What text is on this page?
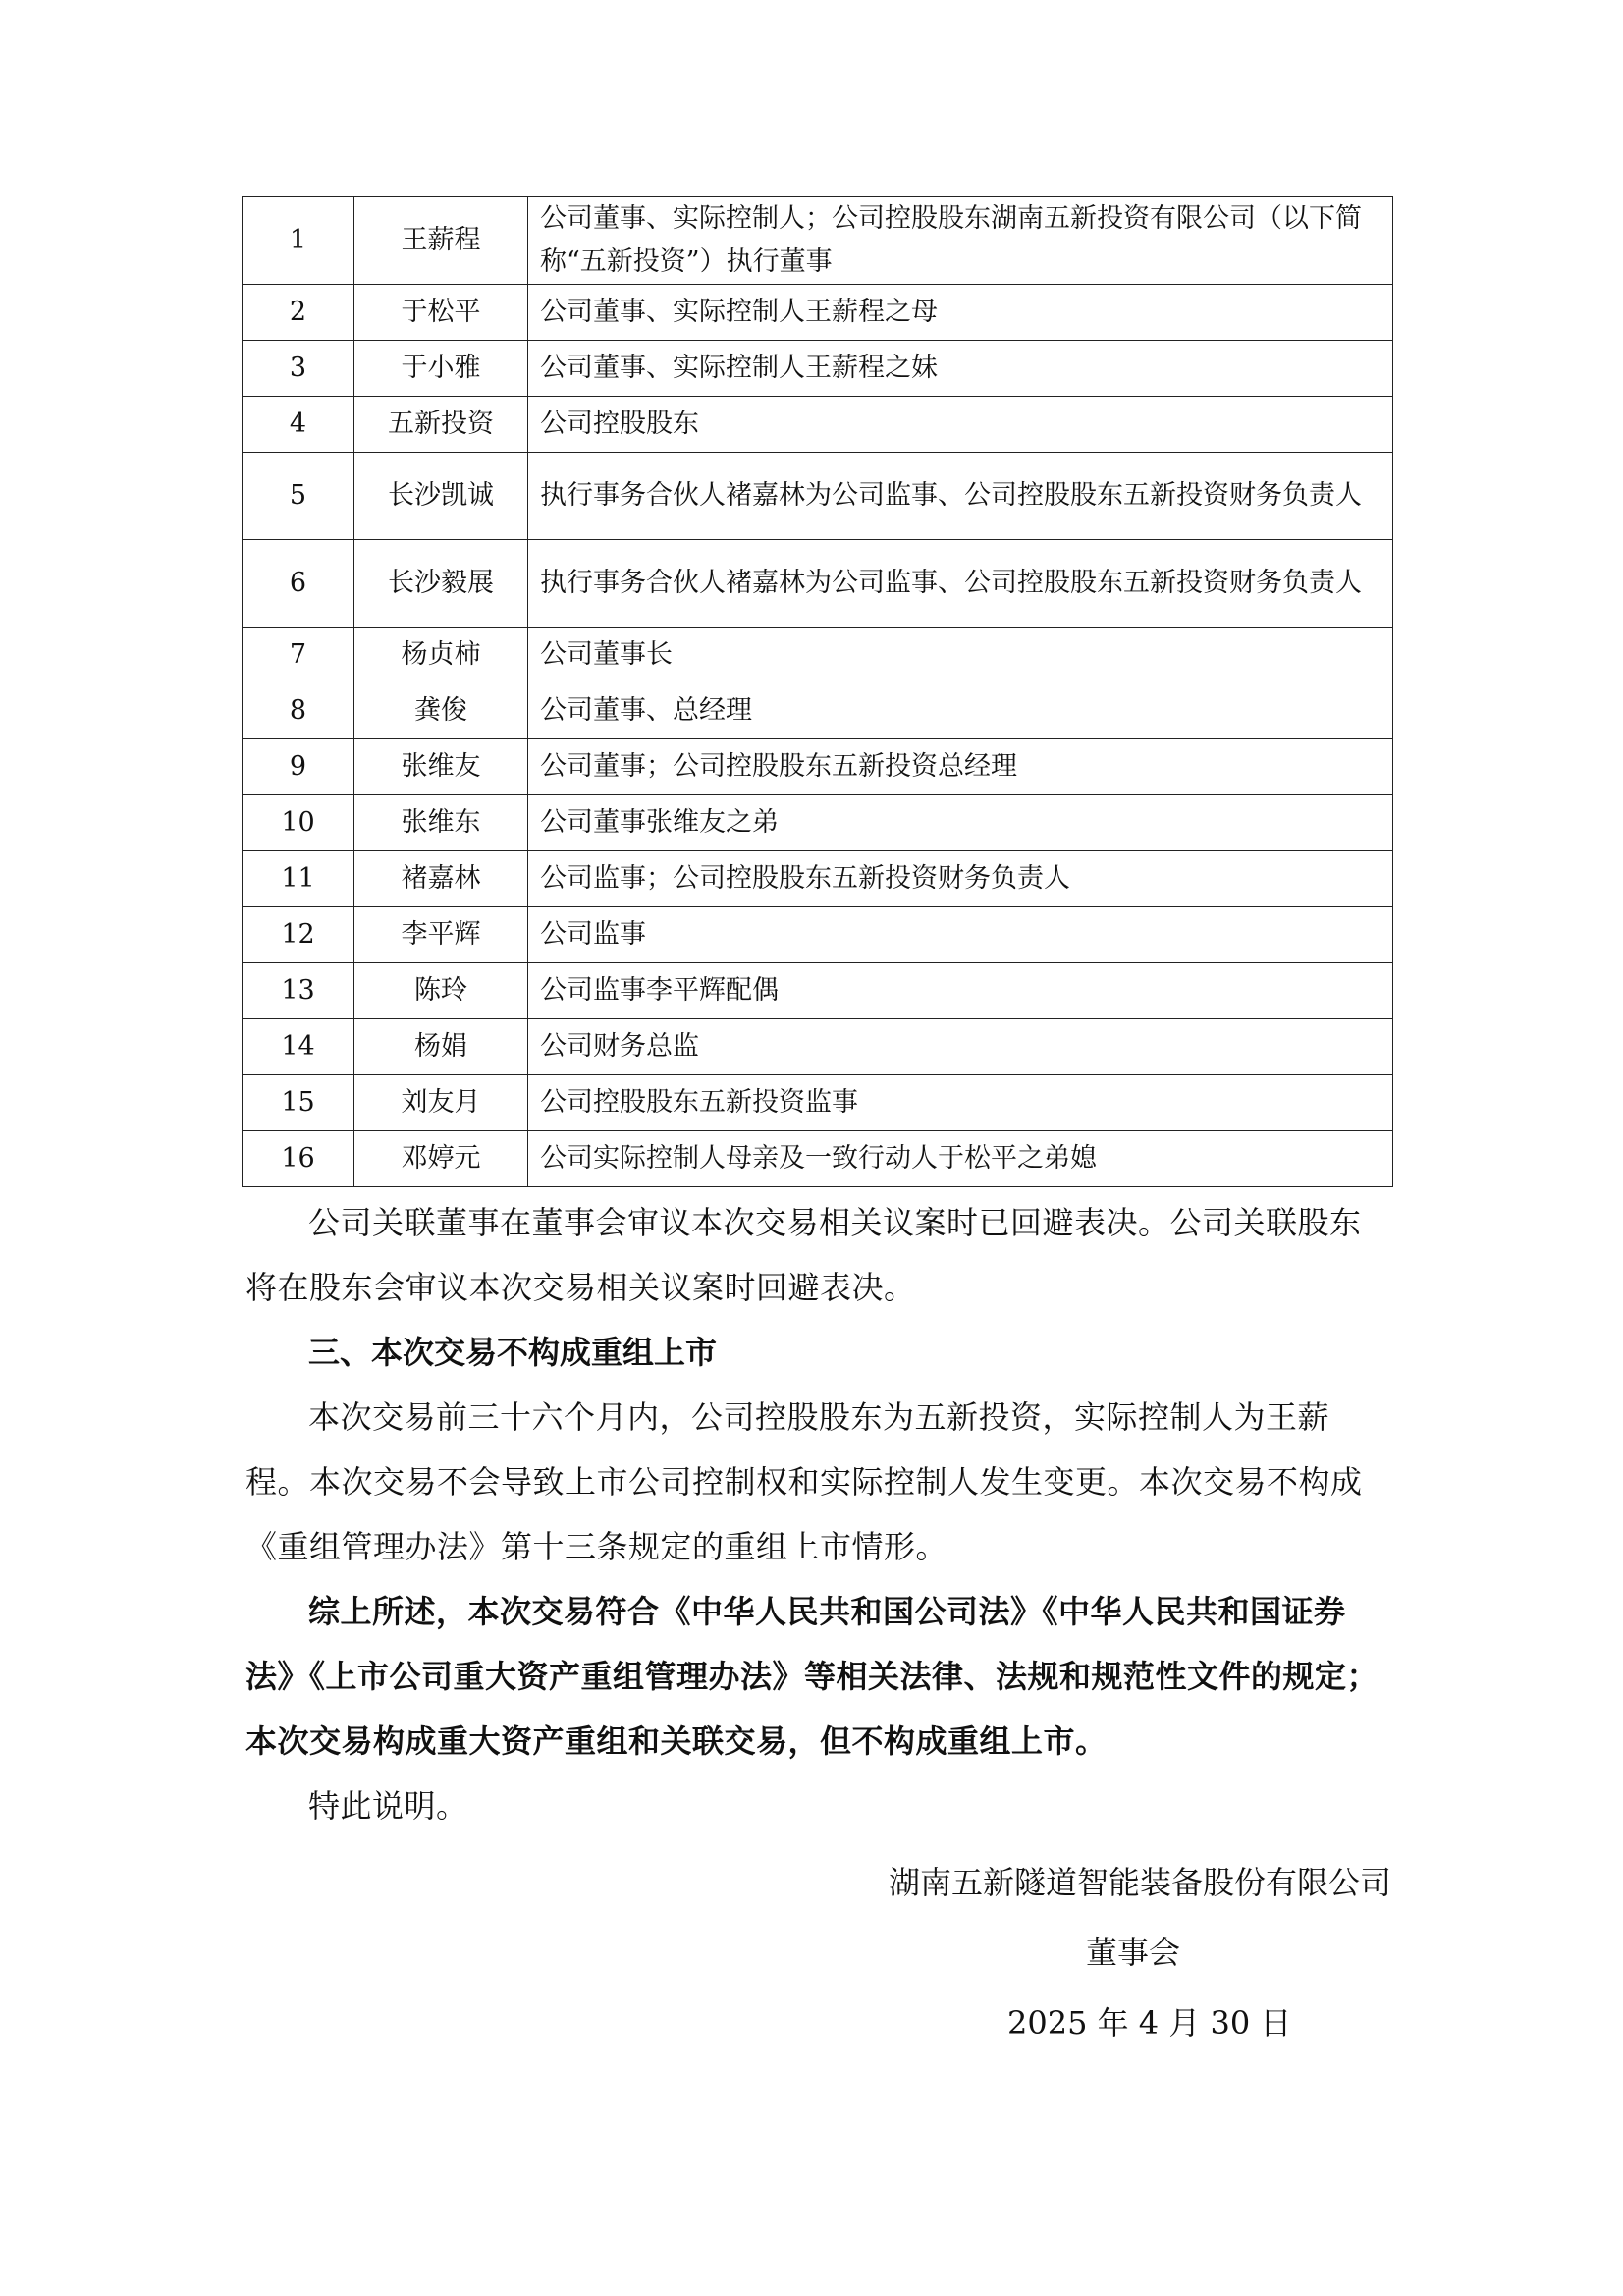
1	王薪程	公司董事、实际控制人；公司控股股东湖南五新投资有限公司（以下简称“五新投资”）执行董事
2	于松平	公司董事、实际控制人王薪程之母
3	于小雅	公司董事、实际控制人王薪程之妹
4	五新投资	公司控股股东
5	长沙凯诚	执行事务合伙人褚嘉林为公司监事、公司控股股东五新投资财务负责人
6	长沙毅展	执行事务合伙人褚嘉林为公司监事、公司控股股东五新投资财务负责人
7	杨贞柿	公司董事长
8	龚俊	公司董事、总经理
9	张维友	公司董事；公司控股股东五新投资总经理
10	张维东	公司董事张维友之弟
11	褚嘉林	公司监事；公司控股股东五新投资财务负责人
12	李平辉	公司监事
13	陈玲	公司监事李平辉配偶
14	杨娟	公司财务总监
15	刘友月	公司控股股东五新投资监事
16	邓婷元	公司实际控制人母亲及一致行动人于松平之弟媳

公司关联董事在董事会审议本次交易相关议案时已回避表决。公司关联股东将在股东会审议本次交易相关议案时回避表决。

三、本次交易不构成重组上市

本次交易前三十六个月内，公司控股股东为五新投资，实际控制人为王薪程。本次交易不会导致上市公司控制权和实际控制人发生变更。本次交易不构成《重组管理办法》第十三条规定的重组上市情形。

综上所述，本次交易符合《中华人民共和国公司法》《中华人民共和国证券法》《上市公司重大资产重组管理办法》等相关法律、法规和规范性文件的规定；本次交易构成重大资产重组和关联交易，但不构成重组上市。

特此说明。

湖南五新隧道智能装备股份有限公司

董事会

2025 年 4 月 30 日
